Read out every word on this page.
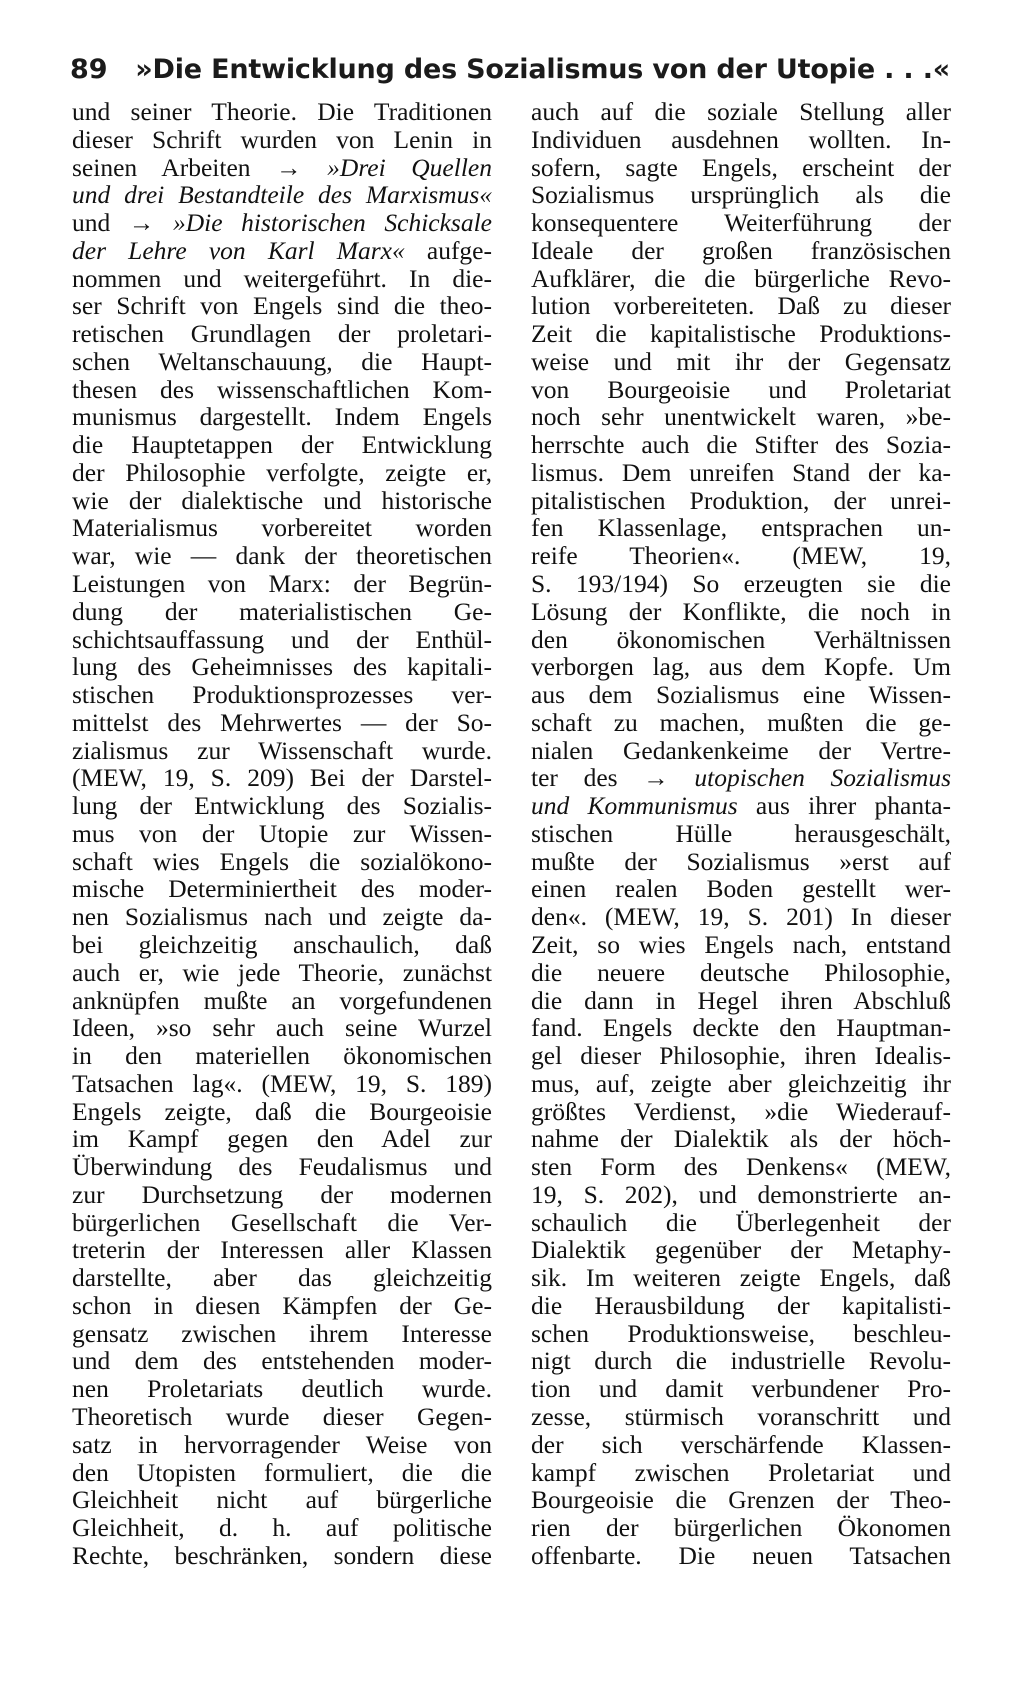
89 »Die Entwicklung des Sozialismus von der Utopie . . .«
und seiner Theorie. Die Traditionen
dieser Schrift wurden von Lenin in
seinen Arbeiten → »Drei Quellen
und drei Bestandteile des Marxismus«
und → »Die historischen Schicksale
der Lehre von Karl Marx« aufge-
nommen und weitergeführt. In die-
ser Schrift von Engels sind die theo-
retischen Grundlagen der proletari-
schen Weltanschauung, die Haupt-
thesen des wissenschaftlichen Kom-
munismus dargestellt. Indem Engels
die Hauptetappen der Entwicklung
der Philosophie verfolgte, zeigte er,
wie der dialektische und historische
Materialismus vorbereitet worden
war, wie — dank der theoretischen
Leistungen von Marx: der Begrün-
dung der materialistischen Ge-
schichtsauffassung und der Enthül-
lung des Geheimnisses des kapitali-
stischen Produktionsprozesses ver-
mittelst des Mehrwertes — der So-
zialismus zur Wissenschaft wurde.
(MEW, 19, S. 209) Bei der Darstel-
lung der Entwicklung des Sozialis-
mus von der Utopie zur Wissen-
schaft wies Engels die sozialökono-
mische Determiniertheit des moder-
nen Sozialismus nach und zeigte da-
bei gleichzeitig anschaulich, daß
auch er, wie jede Theorie, zunächst
anknüpfen mußte an vorgefundenen
Ideen, »so sehr auch seine Wurzel
in den materiellen ökonomischen
Tatsachen lag«. (MEW, 19, S. 189)
Engels zeigte, daß die Bourgeoisie
im Kampf gegen den Adel zur
Überwindung des Feudalismus und
zur Durchsetzung der modernen
bürgerlichen Gesellschaft die Ver-
treterin der Interessen aller Klassen
darstellte, aber das gleichzeitig
schon in diesen Kämpfen der Ge-
gensatz zwischen ihrem Interesse
und dem des entstehenden moder-
nen Proletariats deutlich wurde.
Theoretisch wurde dieser Gegen-
satz in hervorragender Weise von
den Utopisten formuliert, die die
Gleichheit nicht auf bürgerliche
Gleichheit, d. h. auf politische
Rechte, beschränken, sondern diese
auch auf die soziale Stellung aller
Individuen ausdehnen wollten. In-
sofern, sagte Engels, erscheint der
Sozialismus ursprünglich als die
konsequentere Weiterführung der
Ideale der großen französischen
Aufklärer, die die bürgerliche Revo-
lution vorbereiteten. Daß zu dieser
Zeit die kapitalistische Produktions-
weise und mit ihr der Gegensatz
von Bourgeoisie und Proletariat
noch sehr unentwickelt waren, »be-
herrschte auch die Stifter des Sozia-
lismus. Dem unreifen Stand der ka-
pitalistischen Produktion, der unrei-
fen Klassenlage, entsprachen un-
reife Theorien«. (MEW, 19,
S. 193/194) So erzeugten sie die
Lösung der Konflikte, die noch in
den ökonomischen Verhältnissen
verborgen lag, aus dem Kopfe. Um
aus dem Sozialismus eine Wissen-
schaft zu machen, mußten die ge-
nialen Gedankenkeime der Vertre-
ter des → utopischen Sozialismus
und Kommunismus aus ihrer phanta-
stischen Hülle herausgeschält,
mußte der Sozialismus »erst auf
einen realen Boden gestellt wer-
den«. (MEW, 19, S. 201) In dieser
Zeit, so wies Engels nach, entstand
die neuere deutsche Philosophie,
die dann in Hegel ihren Abschluß
fand. Engels deckte den Hauptman-
gel dieser Philosophie, ihren Idealis-
mus, auf, zeigte aber gleichzeitig ihr
größtes Verdienst, »die Wiederauf-
nahme der Dialektik als der höch-
sten Form des Denkens« (MEW,
19, S. 202), und demonstrierte an-
schaulich die Überlegenheit der
Dialektik gegenüber der Metaphy-
sik. Im weiteren zeigte Engels, daß
die Herausbildung der kapitalisti-
schen Produktionsweise, beschleu-
nigt durch die industrielle Revolu-
tion und damit verbundener Pro-
zesse, stürmisch voranschritt und
der sich verschärfende Klassen-
kampf zwischen Proletariat und
Bourgeoisie die Grenzen der Theo-
rien der bürgerlichen Ökonomen
offenbarte. Die neuen Tatsachen
